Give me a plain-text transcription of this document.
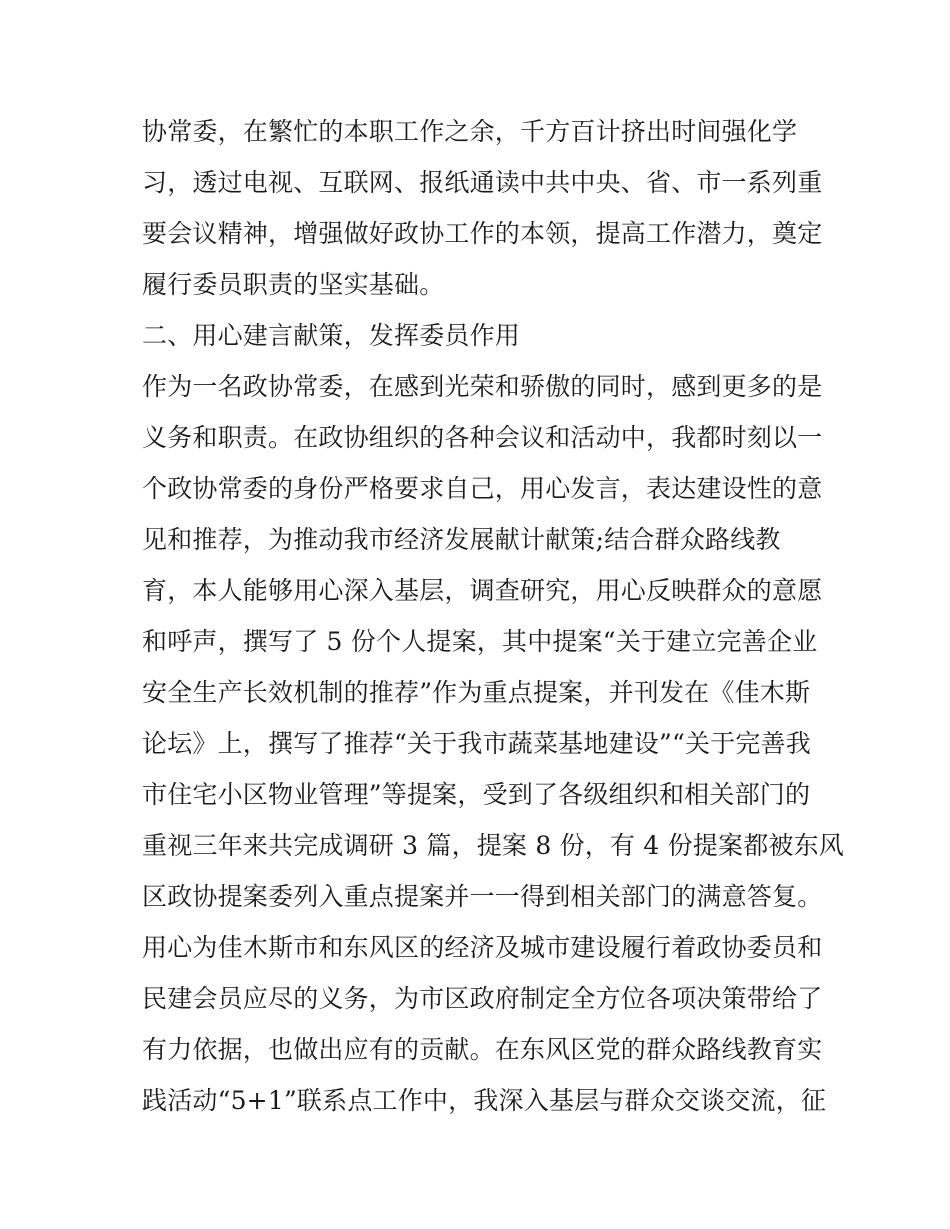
协常委，在繁忙的本职工作之余，千方百计挤出时间强化学
习，透过电视、互联网、报纸通读中共中央、省、市一系列重
要会议精神，增强做好政协工作的本领，提高工作潜力，奠定
履行委员职责的坚实基础。
二、用心建言献策，发挥委员作用
作为一名政协常委，在感到光荣和骄傲的同时，感到更多的是
义务和职责。在政协组织的各种会议和活动中，我都时刻以一
个政协常委的身份严格要求自己，用心发言，表达建设性的意
见和推荐，为推动我市经济发展献计献策;结合群众路线教
育，本人能够用心深入基层，调查研究，用心反映群众的意愿
和呼声，撰写了 5 份个人提案，其中提案“关于建立完善企业
安全生产长效机制的推荐”作为重点提案，并刊发在《佳木斯
论坛》上，撰写了推荐“关于我市蔬菜基地建设”“关于完善我
市住宅小区物业管理”等提案，受到了各级组织和相关部门的
重视三年来共完成调研 3 篇，提案 8 份，有 4 份提案都被东风
区政协提案委列入重点提案并一一得到相关部门的满意答复。
用心为佳木斯市和东风区的经济及城市建设履行着政协委员和
民建会员应尽的义务，为市区政府制定全方位各项决策带给了
有力依据，也做出应有的贡献。在东风区党的群众路线教育实
践活动“5+1”联系点工作中，我深入基层与群众交谈交流，征
